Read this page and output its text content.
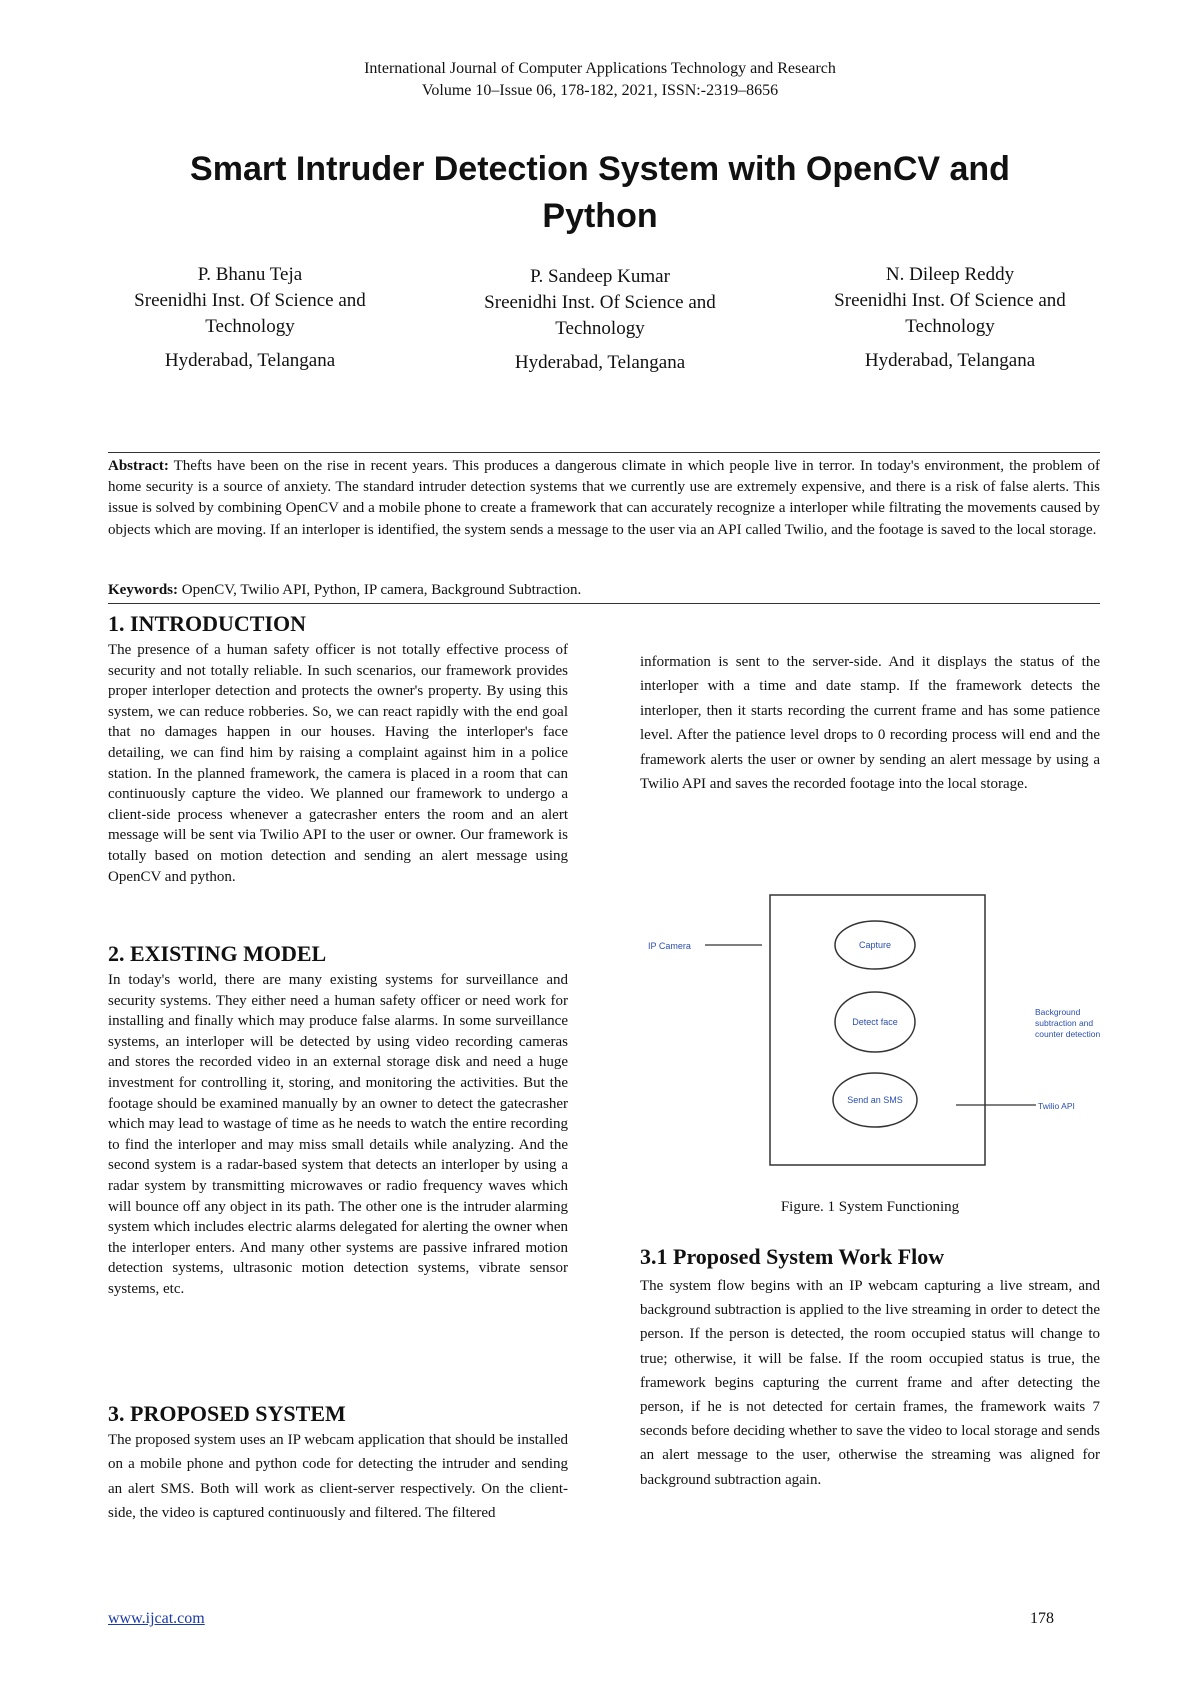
International Journal of Computer Applications Technology and Research
Volume 10–Issue 06, 178-182, 2021, ISSN:-2319–8656
Smart Intruder Detection System with OpenCV and Python
P. Bhanu Teja
Sreenidhi Inst. Of Science and Technology
Hyderabad, Telangana
P. Sandeep Kumar
Sreenidhi Inst. Of Science and Technology
Hyderabad, Telangana
N. Dileep Reddy
Sreenidhi Inst. Of Science and Technology
Hyderabad, Telangana
Abstract: Thefts have been on the rise in recent years. This produces a dangerous climate in which people live in terror. In today's environment, the problem of home security is a source of anxiety. The standard intruder detection systems that we currently use are extremely expensive, and there is a risk of false alerts. This issue is solved by combining OpenCV and a mobile phone to create a framework that can accurately recognize a interloper while filtrating the movements caused by objects which are moving. If an interloper is identified, the system sends a message to the user via an API called Twilio, and the footage is saved to the local storage.
Keywords: OpenCV, Twilio API, Python, IP camera, Background Subtraction.

1. INTRODUCTION

The presence of a human safety officer is not totally effective process of security and not totally reliable. In such scenarios, our framework provides proper interloper detection and protects the owner's property. By using this system, we can reduce robberies. So, we can react rapidly with the end goal that no damages happen in our houses. Having the interloper's face detailing, we can find him by raising a complaint against him in a police station. In the planned framework, the camera is placed in a room that can continuously capture the video. We planned our framework to undergo a client-side process whenever a gatecrasher enters the room and an alert message will be sent via Twilio API to the user or owner. Our framework is totally based on motion detection and sending an alert message using OpenCV and python.

2. EXISTING MODEL

In today's world, there are many existing systems for surveillance and security systems. They either need a human safety officer or need work for installing and finally which may produce false alarms. In some surveillance systems, an interloper will be detected by using video recording cameras and stores the recorded video in an external storage disk and need a huge investment for controlling it, storing, and monitoring the activities. But the footage should be examined manually by an owner to detect the gatecrasher which may lead to wastage of time as he needs to watch the entire recording to find the interloper and may miss small details while analyzing. And the second system is a radar-based system that detects an interloper by using a radar system by transmitting microwaves or radio frequency waves which will bounce off any object in its path. The other one is the intruder alarming system which includes electric alarms delegated for alerting the owner when the interloper enters. And many other systems are passive infrared motion detection systems, ultrasonic motion detection systems, vibrate sensor systems, etc.

3. PROPOSED SYSTEM

The proposed system uses an IP webcam application that should be installed on a mobile phone and python code for detecting the intruder and sending an alert SMS. Both will work as client-server respectively. On the client-side, the video is captured continuously and filtered. The filtered

information is sent to the server-side. And it displays the status of the interloper with a time and date stamp. If the framework detects the interloper, then it starts recording the current frame and has some patience level. After the patience level drops to 0 recording process will end and the framework alerts the user or owner by sending an alert message by using a Twilio API and saves the recorded footage into the local storage.

IP Camera	Capture
Detect face
Send an SMS
Background
subtraction and
counter detection
Twilio API
Figure. 1 System Functioning

3.1 Proposed System Work Flow

The system flow begins with an IP webcam capturing a live stream, and background subtraction is applied to the live streaming in order to detect the person. If the person is detected, the room occupied status will change to true; otherwise, it will be false. If the room occupied status is true, the framework begins capturing the current frame and after detecting the person, if he is not detected for certain frames, the framework waits 7 seconds before deciding whether to save the video to local storage and sends an alert message to the user, otherwise the streaming was aligned for background subtraction again.

www.ijcat.com	178
